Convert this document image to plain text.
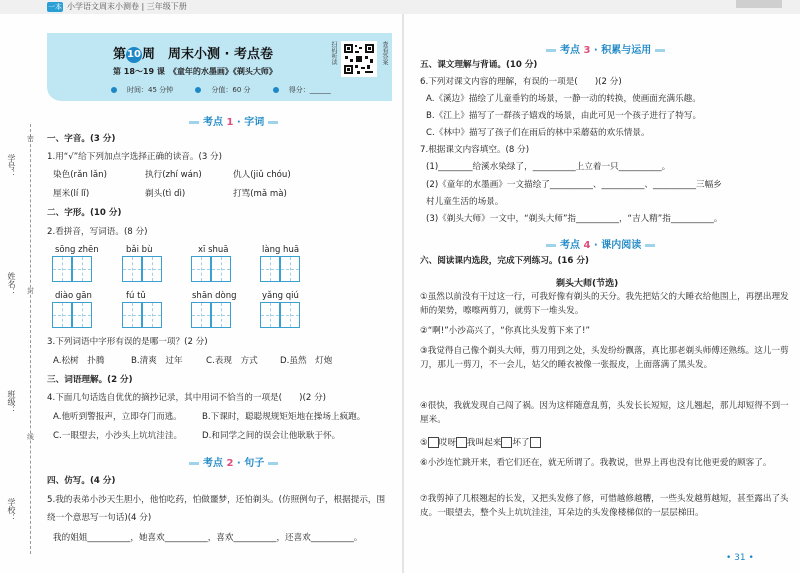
一本 小学语文周末小测卷 | 三年级下册
学号：
姓名：
班级：
学校：
密
封
线
第10周　周末小测 · 考点卷
第 18～19 课　《童年的水墨画》《剃头大师》
时间：45 分钟	分值：60 分	得分：______
扫码听读	查看答案
考点 1 · 字词
一、字音。(3 分)
1.用“√”给下列加点字选择正确的读音。(3 分)
染色(rǎn lǎn)	执行(zhí wán)	仇人(jiǔ chóu)
厘米(lí lǐ)	剃头(tì dì)	打骂(mǎ mà)
二、字形。(10 分)
2.看拼音，写词语。(8 分)
sōng zhēn	bǎi bù	xī shuā	làng huā
diào gān	fú tǔ	shān dòng	yǎng qiú
3.下列词语中字形有误的是哪一项？(2 分)
A.松树　扑腾	B.清爽　过年	C.表现　方式	D.虽然　灯炮
三、词语理解。(2 分)
4.下面几句话选自优优的摘抄记录，其中用词不恰当的一项是(　　)(2 分)
A.他听到警报声，立即夺门而逃。 B.下课时，聪聪规规矩矩地在操场上疯跑。
C.一眼望去，小沙头上坑坑洼洼。 D.和同学之间的误会让他耿耿于怀。
考点 2 · 句子
四、仿写。(4 分)
5.我的表弟小沙天生胆小，他怕吃药，怕做噩梦，还怕剃头。(仿照例句子，根据提示，围
绕一个意思写一句话)(4 分)
我的姐姐__________，她喜欢__________，喜欢__________，还喜欢__________。
考点 3 · 积累与运用
五、课文理解与背诵。(10 分)
6.下列对课文内容的理解，有误的一项是(　　)(2 分)
A.《溪边》描绘了儿童垂钓的场景，一静一动的转换，使画面充满乐趣。
B.《江上》描写了一群孩子嬉戏的场景，由此可见一个孩子进行了特写。
C.《林中》描写了孩子们在雨后的林中采蘑菇的欢乐情景。
7.根据课文内容填空。(8 分)
(1)________给溪水染绿了，__________上立着一只__________。
(2)《童年的水墨画》一文描绘了__________、__________、__________三幅乡
村儿童生活的场景。
(3)《剃头大师》一文中，“剃头大师”指__________，“吉人精”指__________。
考点 4 · 课内阅读
六、阅读课内选段，完成下列练习。(16 分)
剃头大师(节选)
①虽然以前没有干过这一行，可我好像有剃头的天分。我先把姑父的大睡衣给他围上，再摆出理发师的架势，嚓嚓两剪刀，就剪下一堆头发。
②“啊!”小沙高兴了，“你真比头发剪下来了!”
③我觉得自己像个剃头大师，剪刀用到之处，头发纷纷飘落，真比那老剃头师傅还熟练。这儿一剪刀，那儿一剪刀，不一会儿，姑父的睡衣被像一张报皮，上面落满了黑头发。
④很快，我就发现自己闯了祸。因为这样随意乱剪，头发长长短短，这儿翘起，那儿却短得不到一厘米。
⑤ 哎呀 我叫起来 坏了
⑥小沙连忙跳开来，看它们还在，就无所谓了。我教说，世界上再也没有比他更爱的顾客了。
⑦我剪掉了几根翘起的长发，又把头发修了修，可惜越修越糟，一些头发越剪越短，甚至露出了头皮。一眼望去，整个头上坑坑洼洼，耳朵边的头发像楼梯似的一层层梯田。
• 31 •
